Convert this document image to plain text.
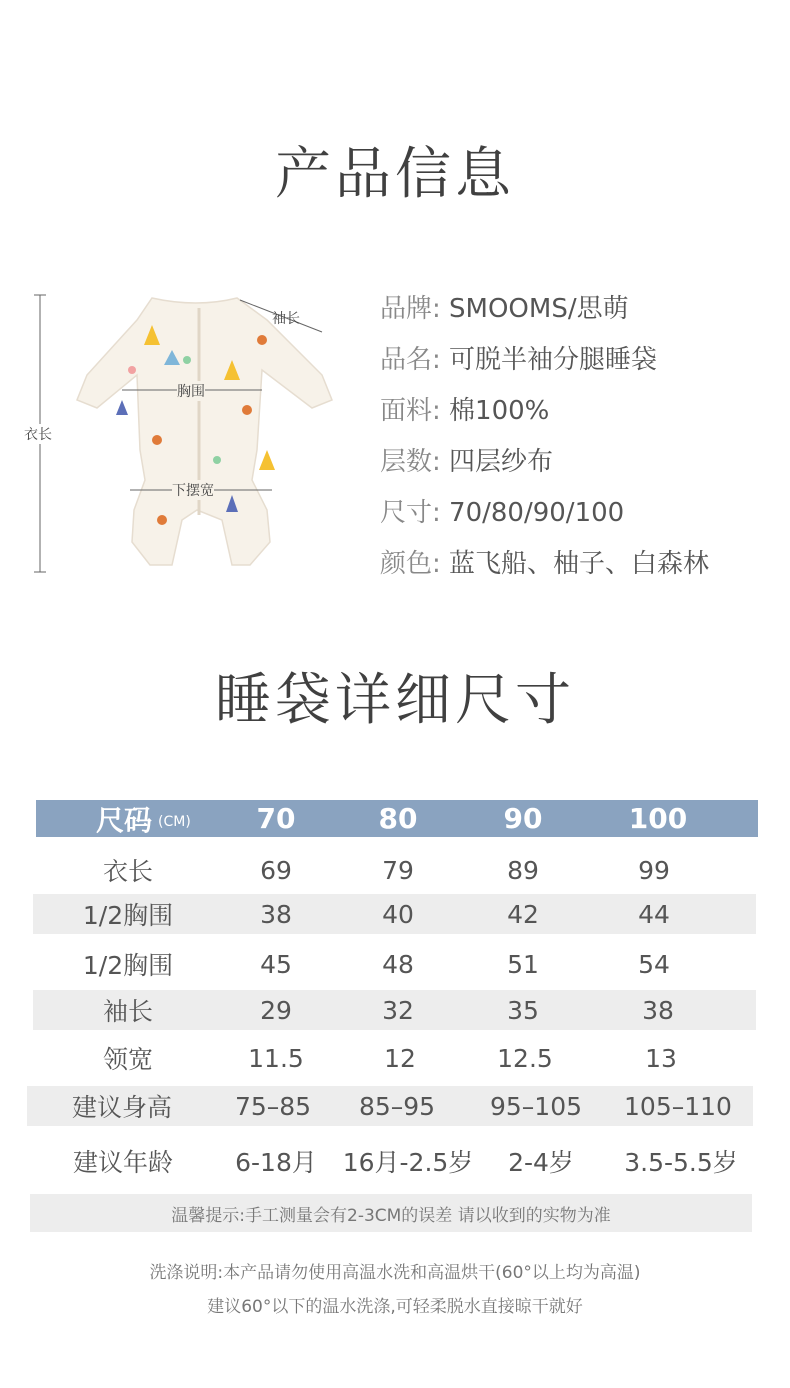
产品信息
袖长
胸围
衣长
下摆宽
品牌: SMOOMS/思萌
品名: 可脱半袖分腿睡袋
面料: 棉100%
层数: 四层纱布
尺寸: 70/80/90/100
颜色: 蓝飞船、柚子、白森林
睡袋详细尺寸
尺码 (CM)	70	80	90	100
衣长	69	79	89	99
1/2胸围	38	40	42	44
1/2胸围	45	48	51	54
袖长	29	32	35	38
领宽	11.5	12	12.5	13
建议身高	75–85	85–95	95–105	105–110
建议年龄	6-18月	16月-2.5岁	2-4岁	3.5-5.5岁
温馨提示:手工测量会有2-3CM的误差 请以收到的实物为准
洗涤说明:本产品请勿使用高温水洗和高温烘干(60°以上均为高温)
建议60°以下的温水洗涤,可轻柔脱水直接晾干就好
